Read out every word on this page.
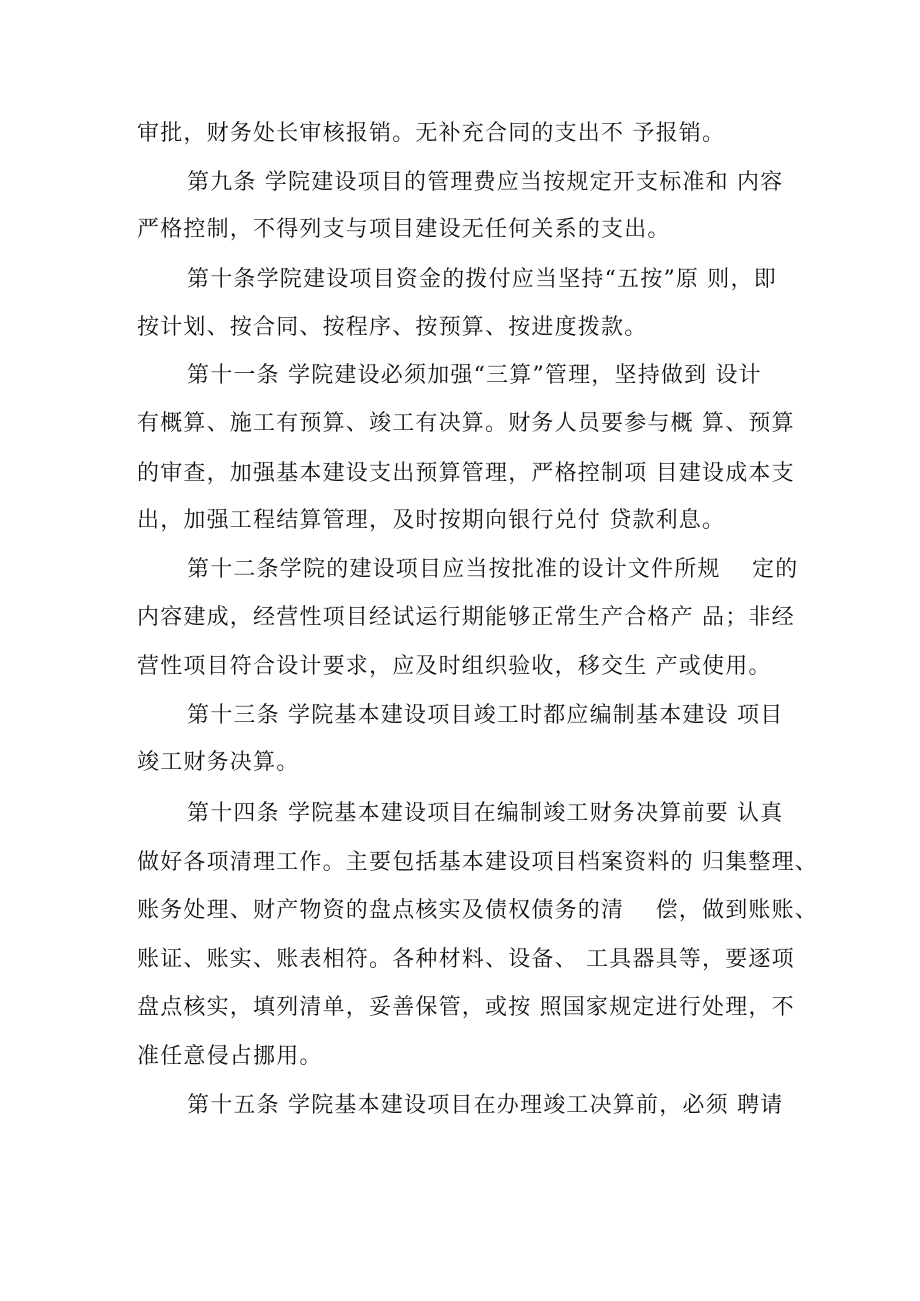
审批，财务处长审核报销。无补充合同的支出不 予报销。
第九条 学院建设项目的管理费应当按规定开支标准和 内容
严格控制，不得列支与项目建设无任何关系的支出。
第十条学院建设项目资金的拨付应当坚持“五按”原 则，即
按计划、按合同、按程序、按预算、按进度拨款。
第十一条 学院建设必须加强“三算”管理，坚持做到 设计
有概算、施工有预算、竣工有决算。财务人员要参与概 算、预算
的审查，加强基本建设支出预算管理，严格控制项 目建设成本支
出，加强工程结算管理，及时按期向银行兑付 贷款利息。
第十二条学院的建设项目应当按批准的设计文件所规　 定的
内容建成，经营性项目经试运行期能够正常生产合格产 品；非经
营性项目符合设计要求，应及时组织验收，移交生 产或使用。
第十三条 学院基本建设项目竣工时都应编制基本建设 项目
竣工财务决算。
第十四条 学院基本建设项目在编制竣工财务决算前要 认真
做好各项清理工作。主要包括基本建设项目档案资料的 归集整理、
账务处理、财产物资的盘点核实及债权债务的清　 偿，做到账账、
账证、账实、账表相符。各种材料、设备、 工具器具等，要逐项
盘点核实，填列清单，妥善保管，或按 照国家规定进行处理，不
准任意侵占挪用。
第十五条 学院基本建设项目在办理竣工决算前，必须 聘请
